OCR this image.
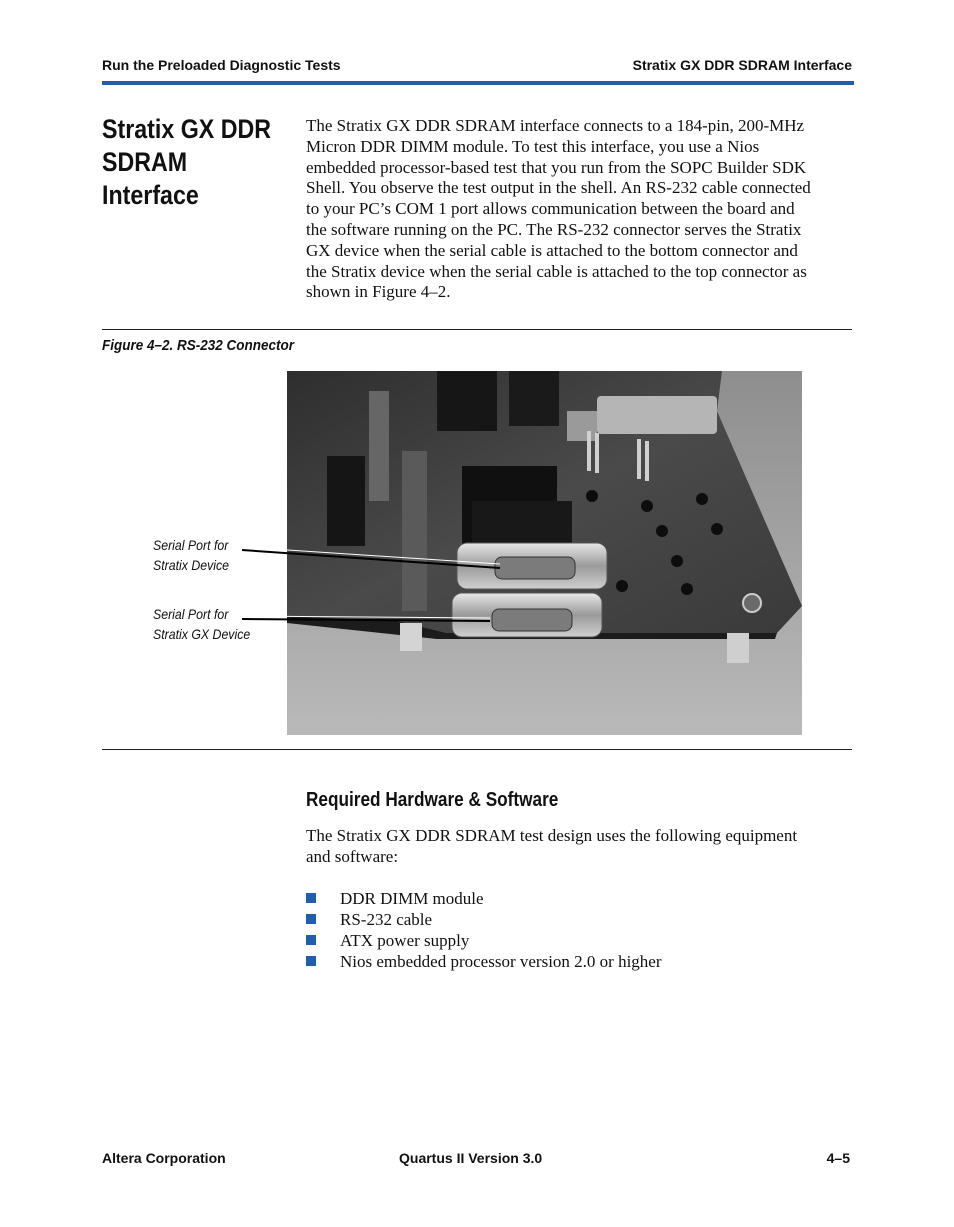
Run the Preloaded Diagnostic Tests	Stratix GX DDR SDRAM Interface
Stratix GX DDR
SDRAM
Interface
The Stratix GX DDR SDRAM interface connects to a 184-pin, 200-MHz
Micron DDR DIMM module. To test this interface, you use a Nios
embedded processor-based test that you run from the SOPC Builder SDK
Shell. You observe the test output in the shell. An RS-232 cable connected
to your PC’s COM 1 port allows communication between the board and
the software running on the PC. The RS-232 connector serves the Stratix
GX device when the serial cable is attached to the bottom connector and
the Stratix device when the serial cable is attached to the top connector as
shown in Figure 4–2.
Figure 4–2. RS-232 Connector
Serial Port for
Stratix Device
Serial Port for
Stratix GX Device
Required Hardware & Software
The Stratix GX DDR SDRAM test design uses the following equipment
and software:
DDR DIMM module
RS-232 cable
ATX power supply
Nios embedded processor version 2.0 or higher
Altera Corporation	Quartus II Version 3.0	4–5
